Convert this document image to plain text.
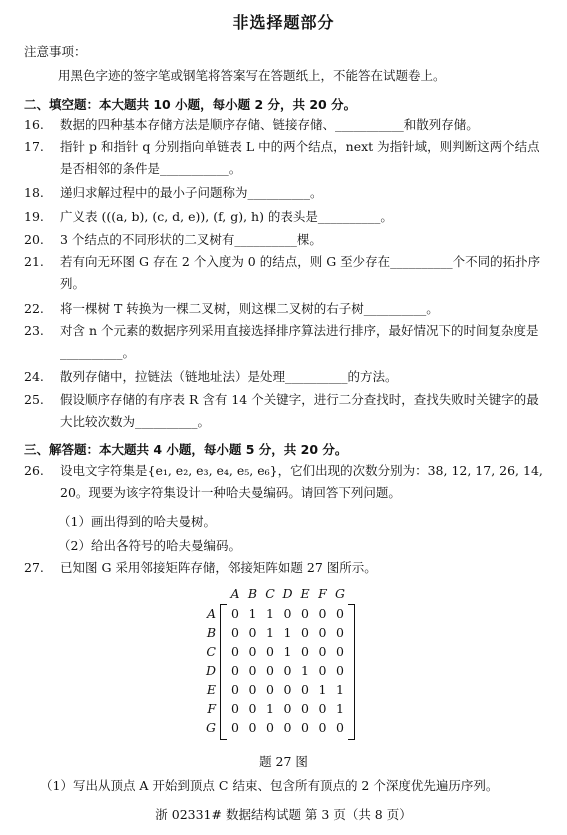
非选择题部分
注意事项：
用黑色字迹的签字笔或钢笔将答案写在答题纸上，不能答在试题卷上。
二、填空题：本大题共 10 小题，每小题 2 分，共 20 分。
16. 数据的四种基本存储方法是顺序存储、链接存储、___________和散列存储。
17. 指针 p 和指针 q 分别指向单链表 L 中的两个结点，next 为指针域，则判断这两个结点是否相邻的条件是___________。
18. 递归求解过程中的最小子问题称为__________。
19. 广义表 (((a, b), (c, d, e)), (f, g), h) 的表头是__________。
20. 3 个结点的不同形状的二叉树有__________棵。
21. 若有向无环图 G 存在 2 个入度为 0 的结点，则 G 至少存在__________个不同的拓扑序列。
22. 将一棵树 T 转换为一棵二叉树，则这棵二叉树的右子树__________。
23. 对含 n 个元素的数据序列采用直接选择排序算法进行排序，最好情况下的时间复杂度是__________。
24. 散列存储中，拉链法（链地址法）是处理__________的方法。
25. 假设顺序存储的有序表 R 含有 14 个关键字，进行二分查找时，查找失败时关键字的最大比较次数为__________。
三、解答题：本大题共 4 小题，每小题 5 分，共 20 分。
26. 设电文字符集是{e₁, e₂, e₃, e₄, e₅, e₆}，它们出现的次数分别为：38, 12, 17, 26, 14, 20。现要为该字符集设计一种哈夫曼编码。请回答下列问题。
（1）画出得到的哈夫曼树。
（2）给出各符号的哈夫曼编码。
27. 已知图 G 采用邻接矩阵存储，邻接矩阵如题 27 图所示。
A B C D E F G
A 0 1 1 0 0 0 0
B 0 0 1 1 0 0 0
C 0 0 0 1 0 0 0
D 0 0 0 0 1 0 0
E 0 0 0 0 0 1 1
F 0 0 1 0 0 0 1
G 0 0 0 0 0 0 0
题 27 图
（1）写出从顶点 A 开始到顶点 C 结束、包含所有顶点的 2 个深度优先遍历序列。
浙 02331# 数据结构试题 第 3 页（共 8 页）
